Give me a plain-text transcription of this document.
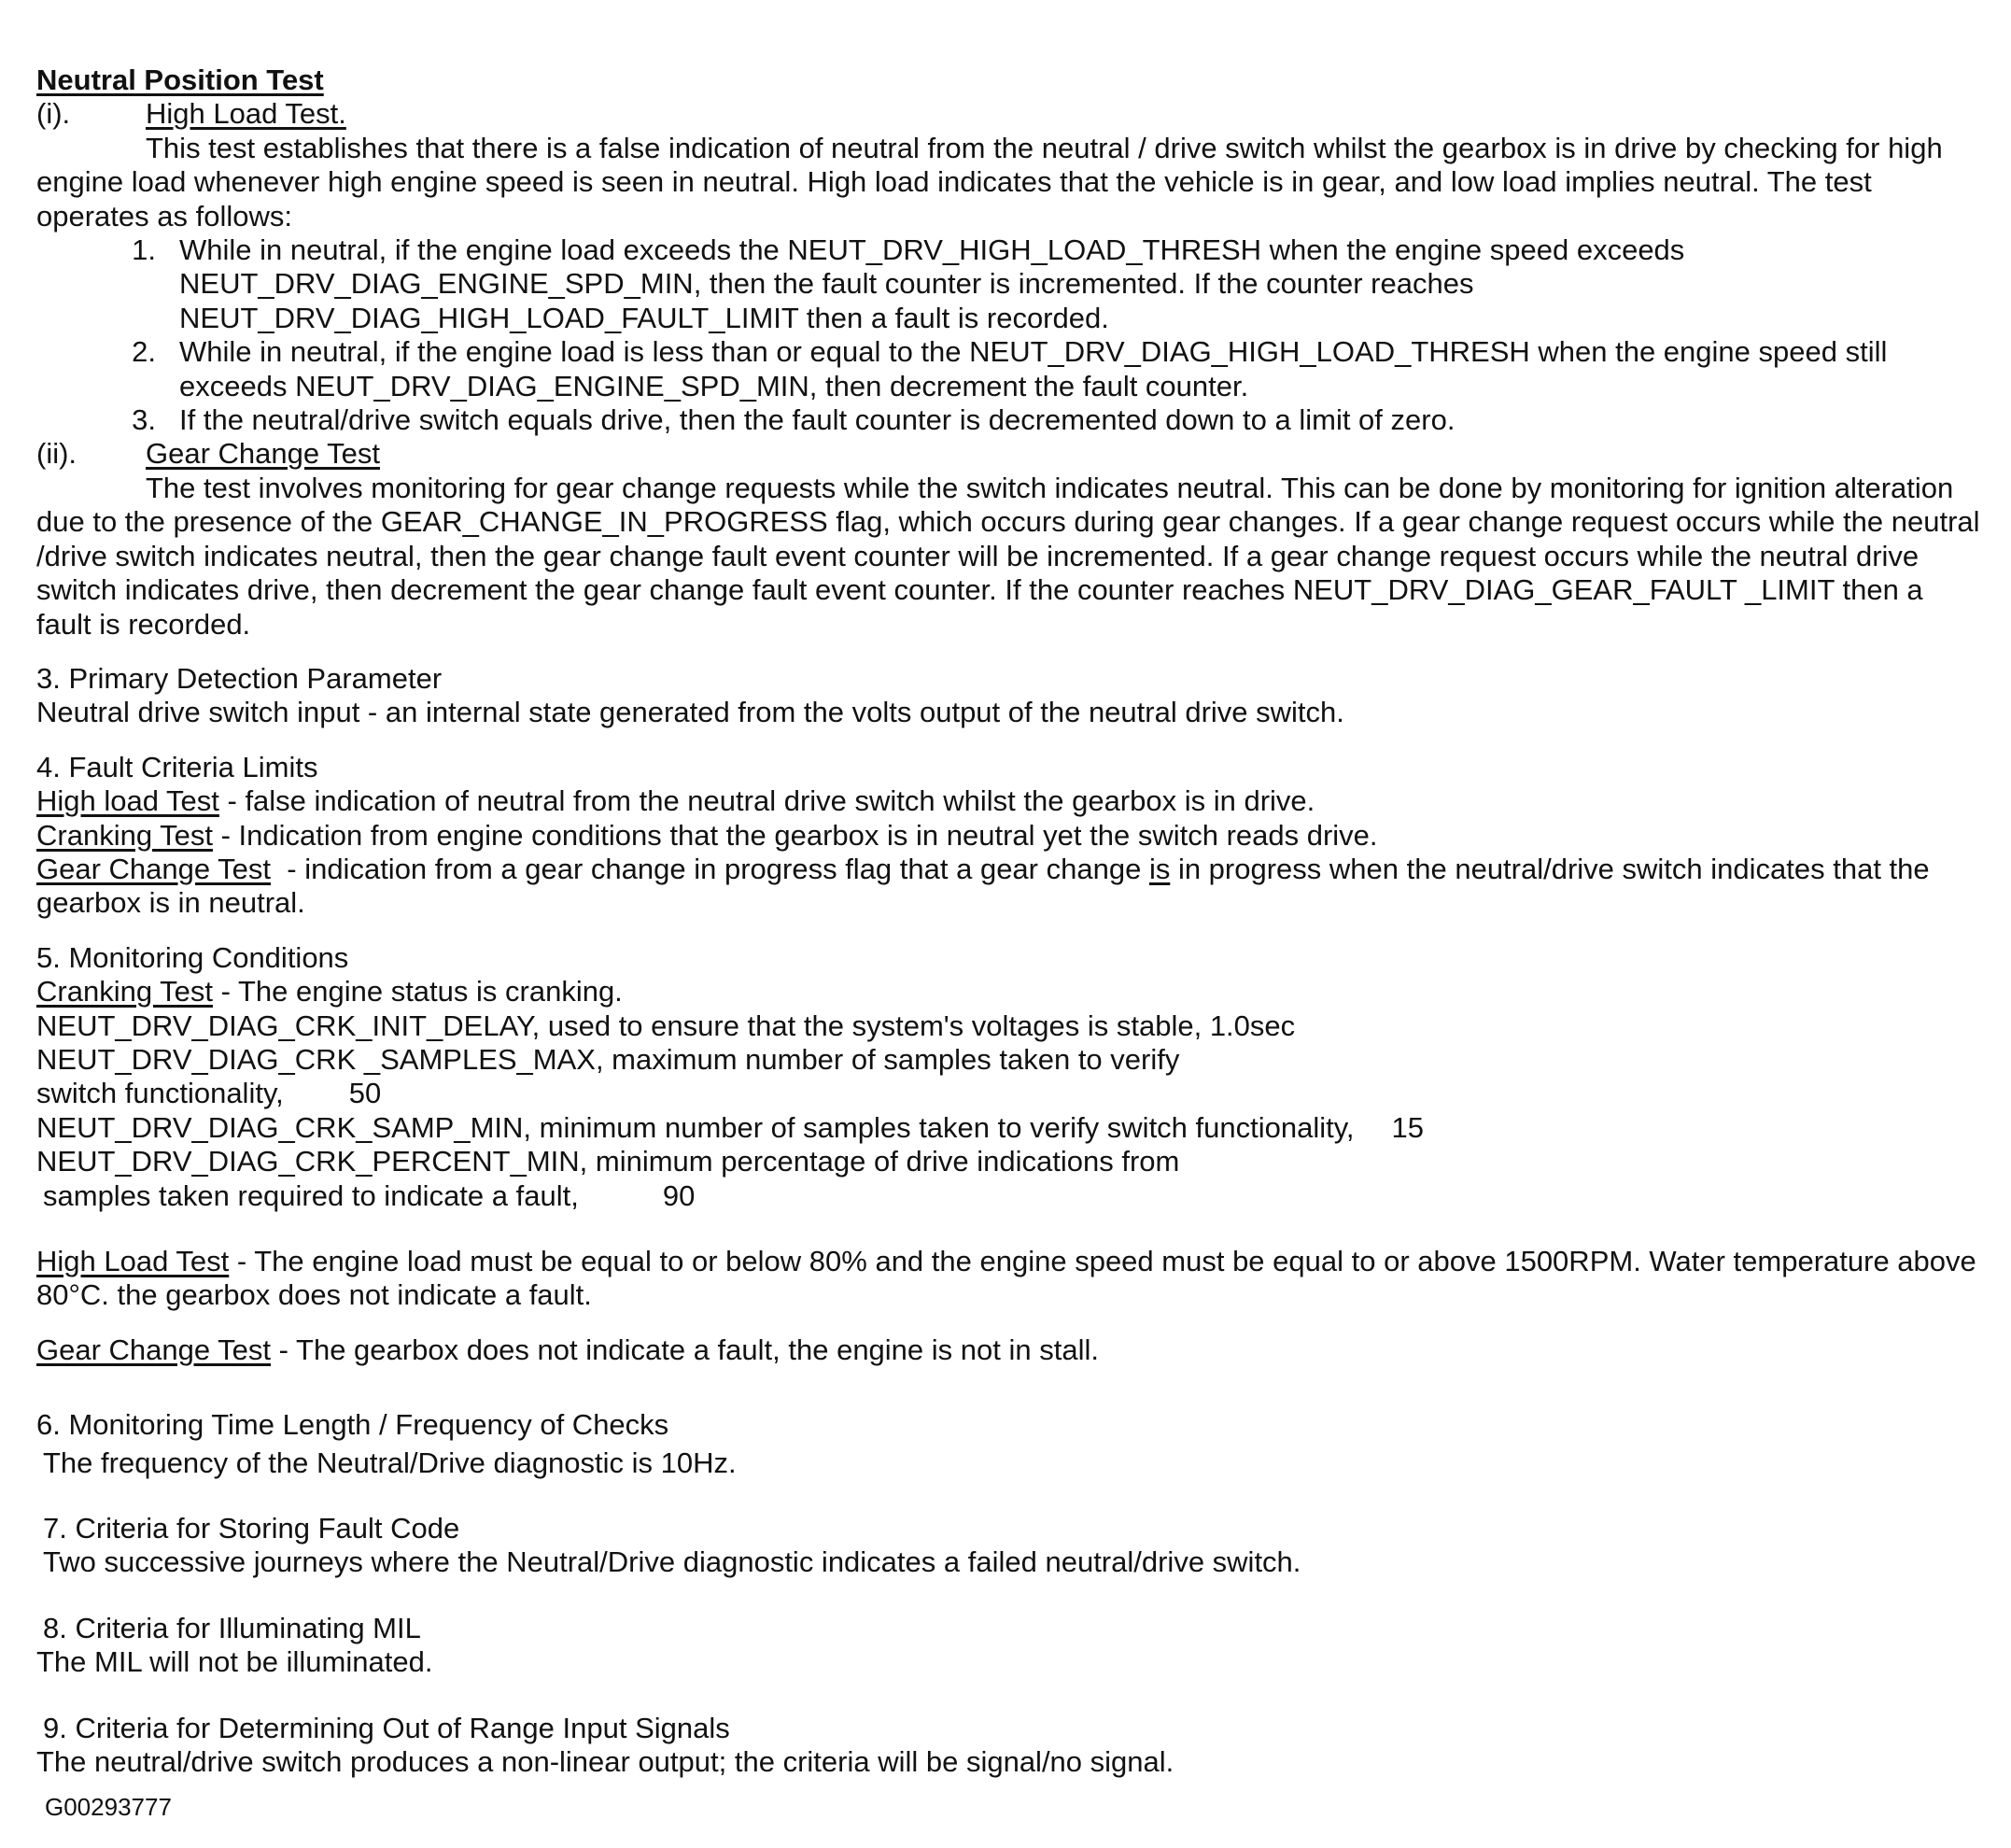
Neutral Position Test
(i).	High Load Test.
This test establishes that there is a false indication of neutral from the neutral / drive switch whilst the gearbox is in drive by checking for high engine load whenever high engine speed is seen in neutral. High load indicates that the vehicle is in gear, and low load implies neutral. The test operates as follows:
1. While in neutral, if the engine load exceeds the NEUT_DRV_HIGH_LOAD_THRESH when the engine speed exceeds NEUT_DRV_DIAG_ENGINE_SPD_MIN, then the fault counter is incremented. If the counter reaches NEUT_DRV_DIAG_HIGH_LOAD_FAULT_LIMIT then a fault is recorded.
2. While in neutral, if the engine load is less than or equal to the NEUT_DRV_DIAG_HIGH_LOAD_THRESH when the engine speed still exceeds NEUT_DRV_DIAG_ENGINE_SPD_MIN, then decrement the fault counter.
3. If the neutral/drive switch equals drive, then the fault counter is decremented down to a limit of zero.
(ii).	Gear Change Test
The test involves monitoring for gear change requests while the switch indicates neutral. This can be done by monitoring for ignition alteration due to the presence of the GEAR_CHANGE_IN_PROGRESS flag, which occurs during gear changes. If a gear change request occurs while the neutral /drive switch indicates neutral, then the gear change fault event counter will be incremented. If a gear change request occurs while the neutral drive switch indicates drive, then decrement the gear change fault event counter. If the counter reaches NEUT_DRV_DIAG_GEAR_FAULT _LIMIT then a fault is recorded.
3. Primary Detection Parameter
Neutral drive switch input - an internal state generated from the volts output of the neutral drive switch.
4. Fault Criteria Limits
High load Test - false indication of neutral from the neutral drive switch whilst the gearbox is in drive.
Cranking Test - Indication from engine conditions that the gearbox is in neutral yet the switch reads drive.
Gear Change Test  - indication from a gear change in progress flag that a gear change is in progress when the neutral/drive switch indicates that the gearbox is in neutral.
5. Monitoring Conditions
Cranking Test - The engine status is cranking.
NEUT_DRV_DIAG_CRK_INIT_DELAY, used to ensure that the system's voltages is stable, 1.0sec
NEUT_DRV_DIAG_CRK _SAMPLES_MAX, maximum number of samples taken to verify
switch functionality, 50
NEUT_DRV_DIAG_CRK_SAMP_MIN, minimum number of samples taken to verify switch functionality, 15
NEUT_DRV_DIAG_CRK_PERCENT_MIN, minimum percentage of drive indications from
samples taken required to indicate a fault,	90
High Load Test - The engine load must be equal to or below 80% and the engine speed must be equal to or above 1500RPM. Water temperature above 80°C. the gearbox does not indicate a fault.
Gear Change Test - The gearbox does not indicate a fault, the engine is not in stall.
6. Monitoring Time Length / Frequency of Checks
The frequency of the Neutral/Drive diagnostic is 10Hz.
7. Criteria for Storing Fault Code
Two successive journeys where the Neutral/Drive diagnostic indicates a failed neutral/drive switch.
8. Criteria for Illuminating MIL
The MIL will not be illuminated.
9. Criteria for Determining Out of Range Input Signals
The neutral/drive switch produces a non-linear output; the criteria will be signal/no signal.
G00293777
